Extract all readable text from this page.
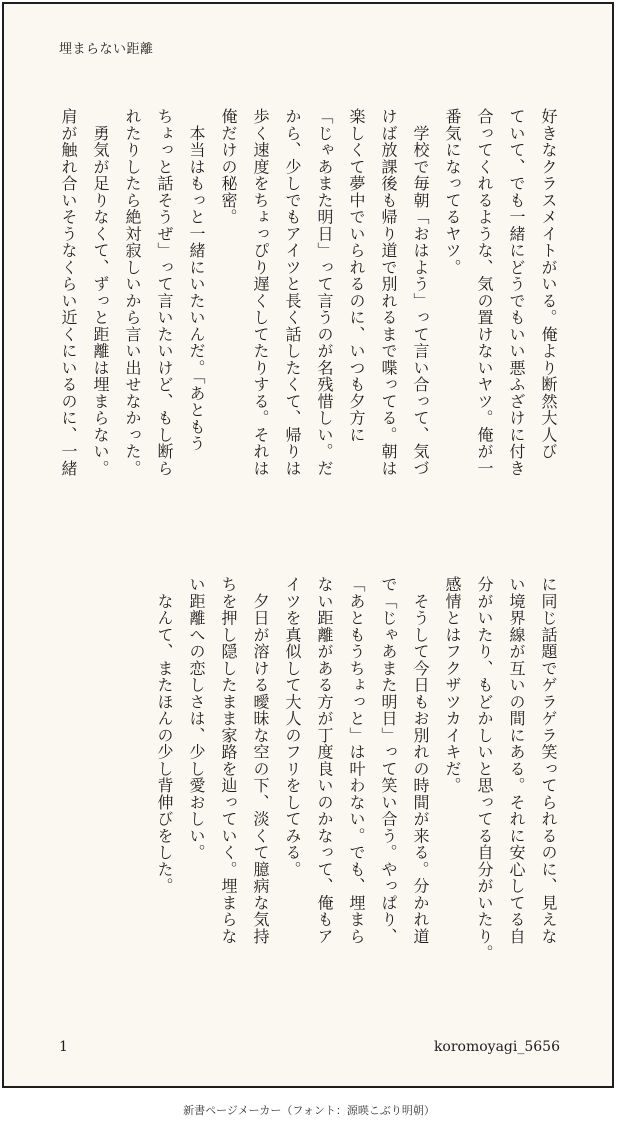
埋まらない距離
好きなクラスメイトがいる。俺より断然大人び
ていて、でも一緒にどうでもいい悪ふざけに付き
合ってくれるような、気の置けないヤツ。俺が一
番気になってるヤツ。
　学校で毎朝「おはよう」って言い合って、気づ
けば放課後も帰り道で別れるまで喋ってる。朝は
楽しくて夢中でいられるのに、いつも夕方に
「じゃあまた明日」って言うのが名残惜しい。だ
から、少しでもアイツと長く話したくて、帰りは
歩く速度をちょっぴり遅くしてたりする。それは
俺だけの秘密。
　本当はもっと一緒にいたいんだ。「あともう
ちょっと話そうぜ」って言いたいけど、もし断ら
れたりしたら絶対寂しいから言い出せなかった。
　勇気が足りなくて、ずっと距離は埋まらない。
肩が触れ合いそうなくらい近くにいるのに、一緒
に同じ話題でゲラゲラ笑ってられるのに、見えな
い境界線が互いの間にある。それに安心してる自
分がいたり、もどかしいと思ってる自分がいたり。
感情とはフクザツカイキだ。
　そうして今日もお別れの時間が来る。分かれ道
で「じゃあまた明日」って笑い合う。やっぱり、
「あともうちょっと」は叶わない。でも、埋まら
ない距離がある方が丁度良いのかなって、俺もア
イツを真似して大人のフリをしてみる。
　夕日が溶ける曖昧な空の下、淡くて臆病な気持
ちを押し隠したまま家路を辿っていく。埋まらな
い距離への恋しさは、少し愛おしい。
　なんて、またほんの少し背伸びをした。
1	koromoyagi_5656
新書ページメーカー（フォント：源暎こぶり明朝）
